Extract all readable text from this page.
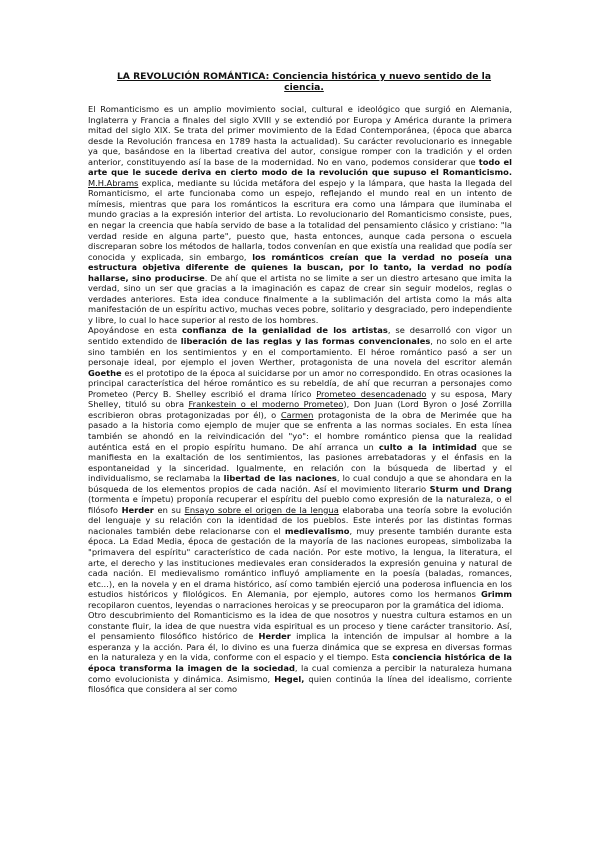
LA REVOLUCIÓN ROMÁNTICA: Conciencia histórica y nuevo sentido de la ciencia.

El Romanticismo es un amplio movimiento social, cultural e ideológico que surgió en Alemania, Inglaterra y Francia a finales del siglo XVIII y se extendió por Europa y América durante la primera mitad del siglo XIX. Se trata del primer movimiento de la Edad Contemporánea, (época que abarca desde la Revolución francesa en 1789 hasta la actualidad). Su carácter revolucionario es innegable ya que, basándose en la libertad creativa del autor, consigue romper con la tradición y el orden anterior, constituyendo así la base de la modernidad. No en vano, podemos considerar que todo el arte que le sucede deriva en cierto modo de la revolución que supuso el Romanticismo. M.H.Abrams explica, mediante su lúcida metáfora del espejo y la lámpara, que hasta la llegada del Romanticismo, el arte funcionaba como un espejo, reflejando el mundo real en un intento de mímesis, mientras que para los románticos la escritura era como una lámpara que iluminaba el mundo gracias a la expresión interior del artista. Lo revolucionario del Romanticismo consiste, pues, en negar la creencia que había servido de base a la totalidad del pensamiento clásico y cristiano: "la verdad reside en alguna parte", puesto que, hasta entonces, aunque cada persona o escuela discreparan sobre los métodos de hallarla, todos convenían en que existía una realidad que podía ser conocida y explicada, sin embargo, los románticos creían que la verdad no poseía una estructura objetiva diferente de quienes la buscan, por lo tanto, la verdad no podía hallarse, sino producirse. De ahí que el artista no se limite a ser un diestro artesano que imita la verdad, sino un ser que gracias a la imaginación es capaz de crear sin seguir modelos, reglas o verdades anteriores. Esta idea conduce finalmente a la sublimación del artista como la más alta manifestación de un espíritu activo, muchas veces pobre, solitario y desgraciado, pero independiente y libre, lo cual lo hace superior al resto de los hombres.

Apoyándose en esta confianza de la genialidad de los artistas, se desarrolló con vigor un sentido extendido de liberación de las reglas y las formas convencionales, no solo en el arte sino también en los sentimientos y en el comportamiento. El héroe romántico pasó a ser un personaje ideal, por ejemplo el joven Werther, protagonista de una novela del escritor alemán Goethe es el prototipo de la época al suicidarse por un amor no correspondido. En otras ocasiones la principal característica del héroe romántico es su rebeldía, de ahí que recurran a personajes como Prometeo (Percy B. Shelley escribió el drama lírico Prometeo desencadenado y su esposa, Mary Shelley, tituló su obra Frankestein o el moderno Prometeo), Don Juan (Lord Byron o José Zorrilla escribieron obras protagonizadas por él), o Carmen protagonista de la obra de Merimée que ha pasado a la historia como ejemplo de mujer que se enfrenta a las normas sociales. En esta línea también se ahondó en la reivindicación del "yo": el hombre romántico piensa que la realidad auténtica está en el propio espíritu humano. De ahí arranca un culto a la intimidad que se manifiesta en la exaltación de los sentimientos, las pasiones arrebatadoras y el énfasis en la espontaneidad y la sinceridad. Igualmente, en relación con la búsqueda de libertad y el individualismo, se reclamaba la libertad de las naciones, lo cual condujo a que se ahondara en la búsqueda de los elementos propios de cada nación. Así el movimiento literario Sturm und Drang (tormenta e ímpetu) proponía recuperar el espíritu del pueblo como expresión de la naturaleza, o el filósofo Herder en su Ensayo sobre el origen de la lengua elaboraba una teoría sobre la evolución del lenguaje y su relación con la identidad de los pueblos. Este interés por las distintas formas nacionales también debe relacionarse con el medievalismo, muy presente también durante esta época. La Edad Media, época de gestación de la mayoría de las naciones europeas, simbolizaba la "primavera del espíritu" característico de cada nación. Por este motivo, la lengua, la literatura, el arte, el derecho y las instituciones medievales eran considerados la expresión genuina y natural de cada nación. El medievalismo romántico influyó ampliamente en la poesía (baladas, romances, etc...), en la novela y en el drama histórico, así como también ejerció una poderosa influencia en los estudios históricos y filológicos. En Alemania, por ejemplo, autores como los hermanos Grimm recopilaron cuentos, leyendas o narraciones heroicas y se preocuparon por la gramática del idioma.

Otro descubrimiento del Romanticismo es la idea de que nosotros y nuestra cultura estamos en un constante fluir, la idea de que nuestra vida espiritual es un proceso y tiene carácter transitorio. Así, el pensamiento filosófico histórico de Herder implica la intención de impulsar al hombre a la esperanza y la acción. Para él, lo divino es una fuerza dinámica que se expresa en diversas formas en la naturaleza y en la vida, conforme con el espacio y el tiempo. Esta conciencia histórica de la época transforma la imagen de la sociedad, la cual comienza a percibir la naturaleza humana como evolucionista y dinámica. Asimismo, Hegel, quien continúa la línea del idealismo, corriente filosófica que considera al ser como
